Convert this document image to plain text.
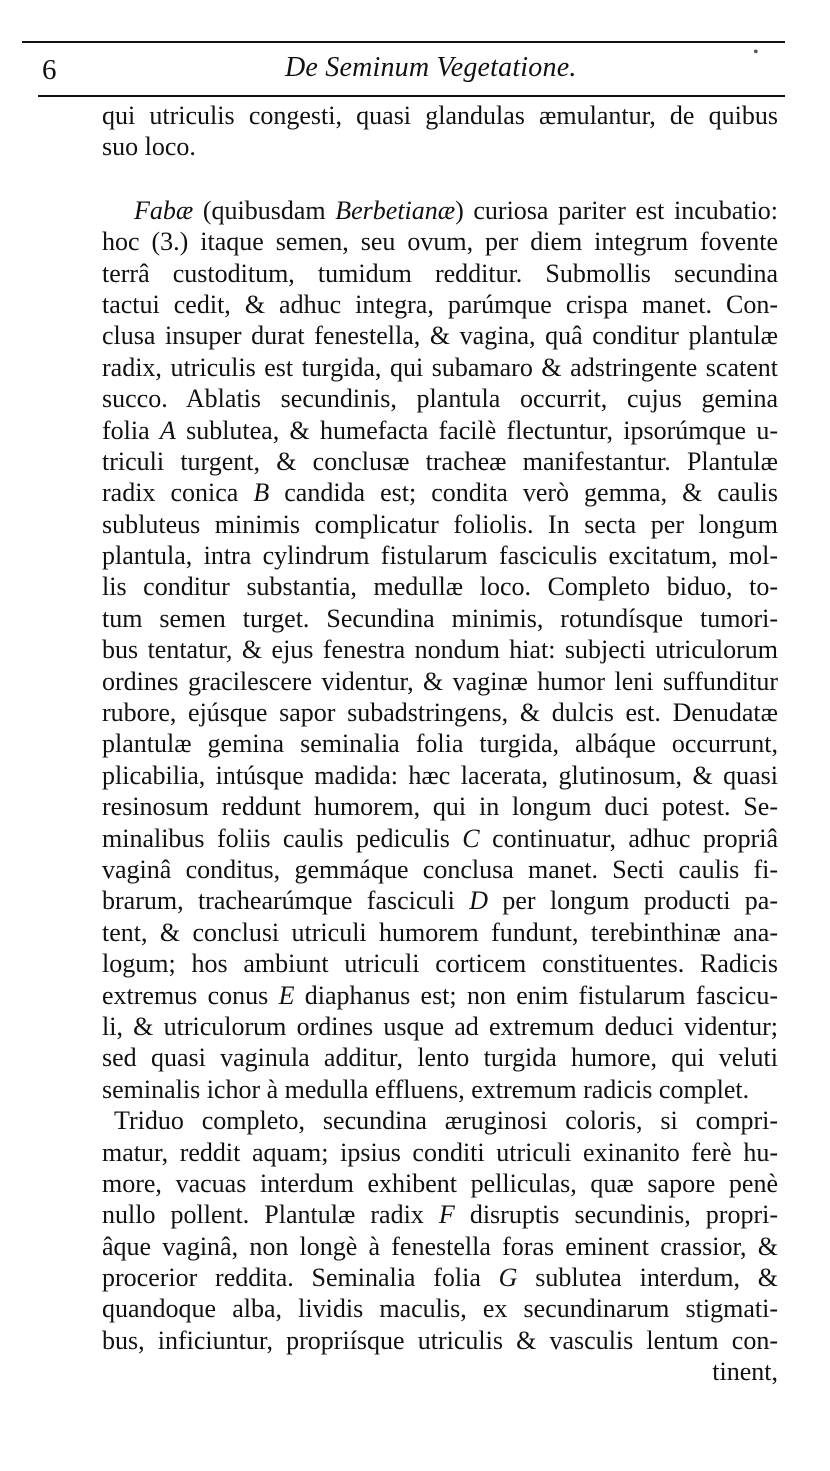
6	De Seminum Vegetatione.	•
qui utriculis congesti, quasi glandulas æmulantur, de quibus
suo loco.
Fabæ (quibusdam Berbetianæ) curiosa pariter est incubatio:
hoc (3.) itaque semen, seu ovum, per diem integrum fovente
terrâ custoditum, tumidum redditur. Submollis secundina
tactui cedit, & adhuc integra, parúmque crispa manet. Con-
clusa insuper durat fenestella, & vagina, quâ conditur plantulæ
radix, utriculis est turgida, qui subamaro & adstringente scatent
succo. Ablatis secundinis, plantula occurrit, cujus gemina
folia A sublutea, & humefacta facilè flectuntur, ipsorúmque u-
triculi turgent, & conclusæ tracheæ manifestantur. Plantulæ
radix conica B candida est; condita verò gemma, & caulis
subluteus minimis complicatur foliolis. In secta per longum
plantula, intra cylindrum fistularum fasciculis excitatum, mol-
lis conditur substantia, medullæ loco. Completo biduo, to-
tum semen turget. Secundina minimis, rotundísque tumori-
bus tentatur, & ejus fenestra nondum hiat: subjecti utriculorum
ordines gracilescere videntur, & vaginæ humor leni suffunditur
rubore, ejúsque sapor subadstringens, & dulcis est. Denudatæ
plantulæ gemina seminalia folia turgida, albáque occurrunt,
plicabilia, intúsque madida: hæc lacerata, glutinosum, & quasi
resinosum reddunt humorem, qui in longum duci potest. Se-
minalibus foliis caulis pediculis C continuatur, adhuc propriâ
vaginâ conditus, gemmáque conclusa manet. Secti caulis fi-
brarum, trachearúmque fasciculi D per longum producti pa-
tent, & conclusi utriculi humorem fundunt, terebinthinæ ana-
logum; hos ambiunt utriculi corticem constituentes. Radicis
extremus conus E diaphanus est; non enim fistularum fascicu-
li, & utriculorum ordines usque ad extremum deduci videntur;
sed quasi vaginula additur, lento turgida humore, qui veluti
seminalis ichor à medulla effluens, extremum radicis complet.
Triduo completo, secundina æruginosi coloris, si compri-
matur, reddit aquam; ipsius conditi utriculi exinanito ferè hu-
more, vacuas interdum exhibent pelliculas, quæ sapore penè
nullo pollent. Plantulæ radix F disruptis secundinis, propri-
âque vaginâ, non longè à fenestella foras eminent crassior, &
procerior reddita. Seminalia folia G sublutea interdum, &
quandoque alba, lividis maculis, ex secundinarum stigmati-
bus, inficiuntur, propriísque utriculis & vasculis lentum con-
tinent,
